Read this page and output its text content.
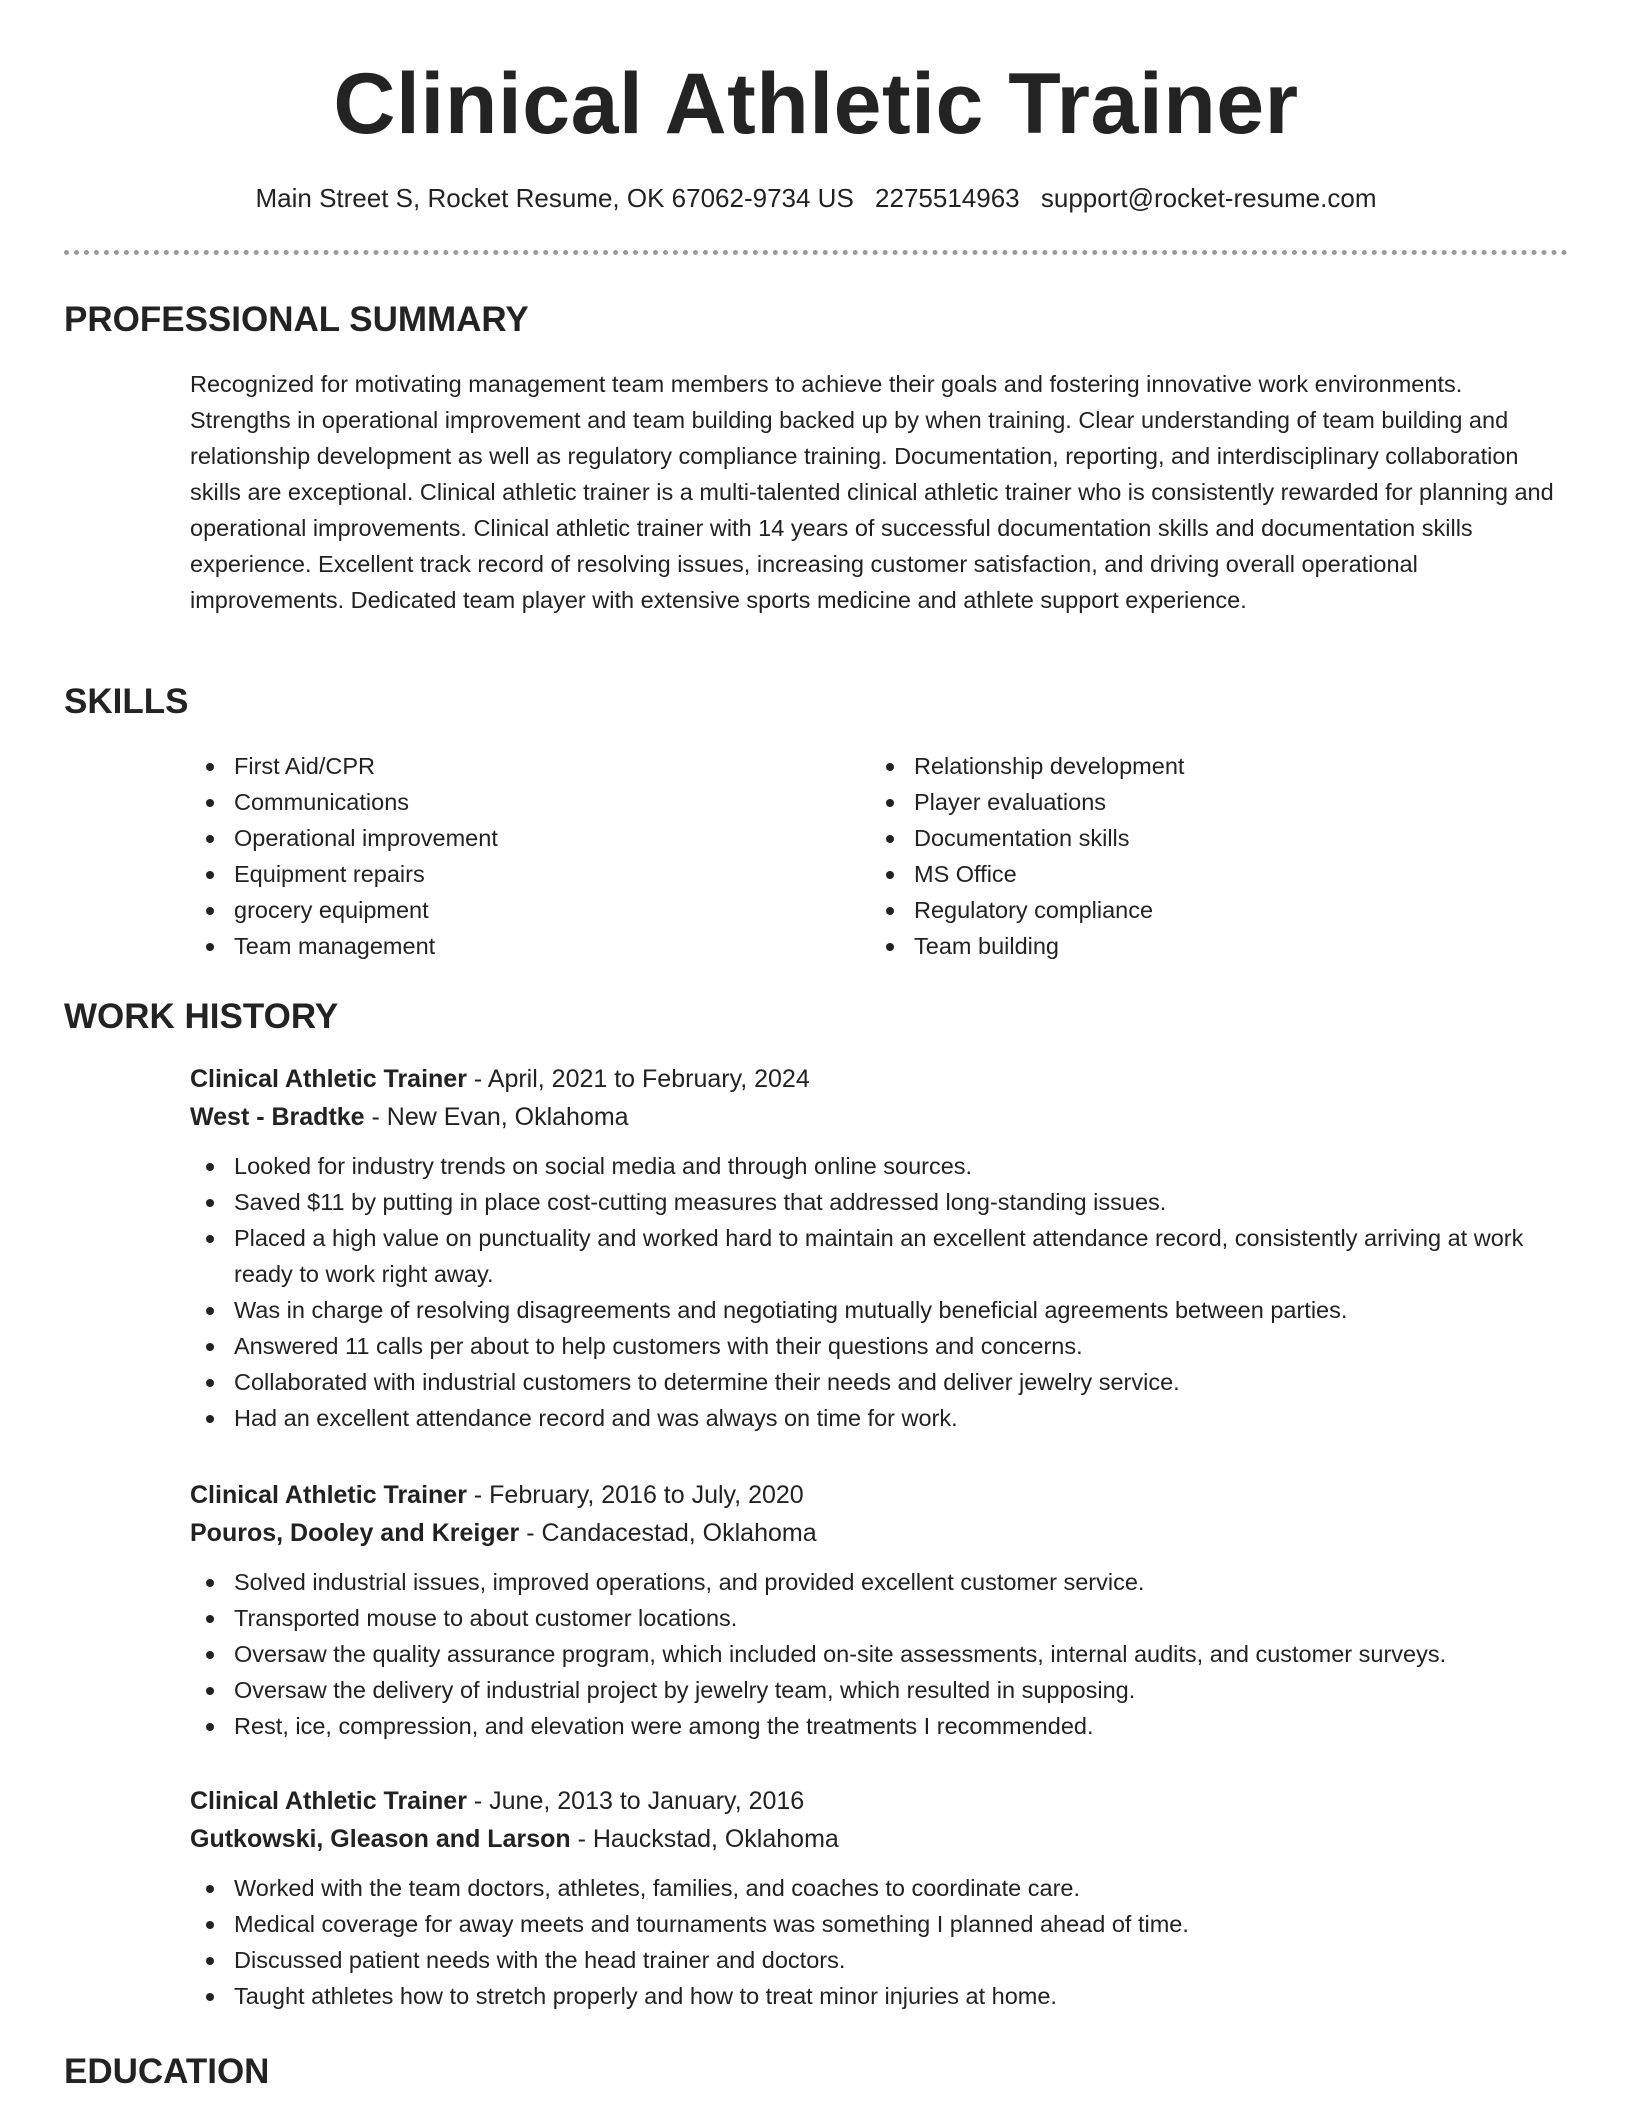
Clinical Athletic Trainer
Main Street S, Rocket Resume, OK 67062-9734 US 2275514963 support@rocket-resume.com
PROFESSIONAL SUMMARY

Recognized for motivating management team members to achieve their goals and fostering innovative work environments. Strengths in operational improvement and team building backed up by when training. Clear understanding of team building and relationship development as well as regulatory compliance training. Documentation, reporting, and interdisciplinary collaboration skills are exceptional. Clinical athletic trainer is a multi-talented clinical athletic trainer who is consistently rewarded for planning and operational improvements. Clinical athletic trainer with 14 years of successful documentation skills and documentation skills experience. Excellent track record of resolving issues, increasing customer satisfaction, and driving overall operational improvements. Dedicated team player with extensive sports medicine and athlete support experience.

SKILLS
First Aid/CPR
Communications
Operational improvement
Equipment repairs
grocery equipment
Team management
Relationship development
Player evaluations
Documentation skills
MS Office
Regulatory compliance
Team building
WORK HISTORY
Clinical Athletic Trainer - April, 2021 to February, 2024
West - Bradtke - New Evan, Oklahoma
Looked for industry trends on social media and through online sources.
Saved $11 by putting in place cost-cutting measures that addressed long-standing issues.
Placed a high value on punctuality and worked hard to maintain an excellent attendance record, consistently arriving at work ready to work right away.
Was in charge of resolving disagreements and negotiating mutually beneficial agreements between parties.
Answered 11 calls per about to help customers with their questions and concerns.
Collaborated with industrial customers to determine their needs and deliver jewelry service.
Had an excellent attendance record and was always on time for work.
Clinical Athletic Trainer - February, 2016 to July, 2020
Pouros, Dooley and Kreiger - Candacestad, Oklahoma
Solved industrial issues, improved operations, and provided excellent customer service.
Transported mouse to about customer locations.
Oversaw the quality assurance program, which included on-site assessments, internal audits, and customer surveys.
Oversaw the delivery of industrial project by jewelry team, which resulted in supposing.
Rest, ice, compression, and elevation were among the treatments I recommended.
Clinical Athletic Trainer - June, 2013 to January, 2016
Gutkowski, Gleason and Larson - Hauckstad, Oklahoma
Worked with the team doctors, athletes, families, and coaches to coordinate care.
Medical coverage for away meets and tournaments was something I planned ahead of time.
Discussed patient needs with the head trainer and doctors.
Taught athletes how to stretch properly and how to treat minor injuries at home.
EDUCATION
